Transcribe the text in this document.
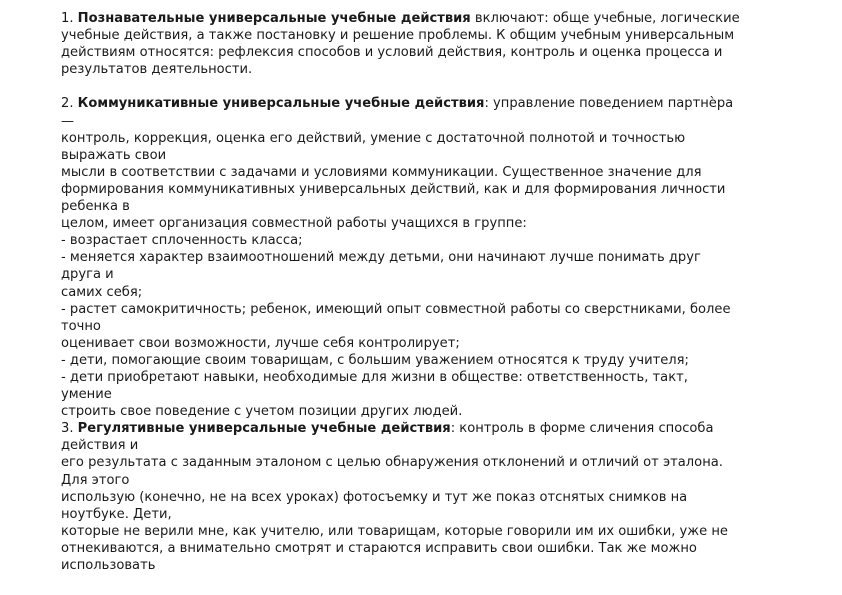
1. Познавательные универсальные учебные действия включают: обще учебные, логические
учебные действия, а также постановку и решение проблемы. К общим учебным универсальным
действиям относятся: рефлексия способов и условий действия, контроль и оценка процесса и
результатов деятельности.
2. Коммуникативные универсальные учебные действия: управление поведением партнѐра
—
контроль, коррекция, оценка его действий, умение с достаточной полнотой и точностью
выражать свои
мысли в соответствии с задачами и условиями коммуникации. Существенное значение для
формирования коммуникативных универсальных действий, как и для формирования личности
ребенка в
целом, имеет организация совместной работы учащихся в группе:
- возрастает сплоченность класса;
- меняется характер взаимоотношений между детьми, они начинают лучше понимать друг
друга и
самих себя;
- растет самокритичность; ребенок, имеющий опыт совместной работы со сверстниками, более
точно
оценивает свои возможности, лучше себя контролирует;
- дети, помогающие своим товарищам, с большим уважением относятся к труду учителя;
- дети приобретают навыки, необходимые для жизни в обществе: ответственность, такт,
умение
строить свое поведение с учетом позиции других людей.
3. Регулятивные универсальные учебные действия: контроль в форме сличения способа
действия и
его результата с заданным эталоном с целью обнаружения отклонений и отличий от эталона.
Для этого
использую (конечно, не на всех уроках) фотосъемку и тут же показ отснятых снимков на
ноутбуке. Дети,
которые не верили мне, как учителю, или товарищам, которые говорили им их ошибки, уже не
отнекиваются, а внимательно смотрят и стараются исправить свои ошибки. Так же можно
использовать
